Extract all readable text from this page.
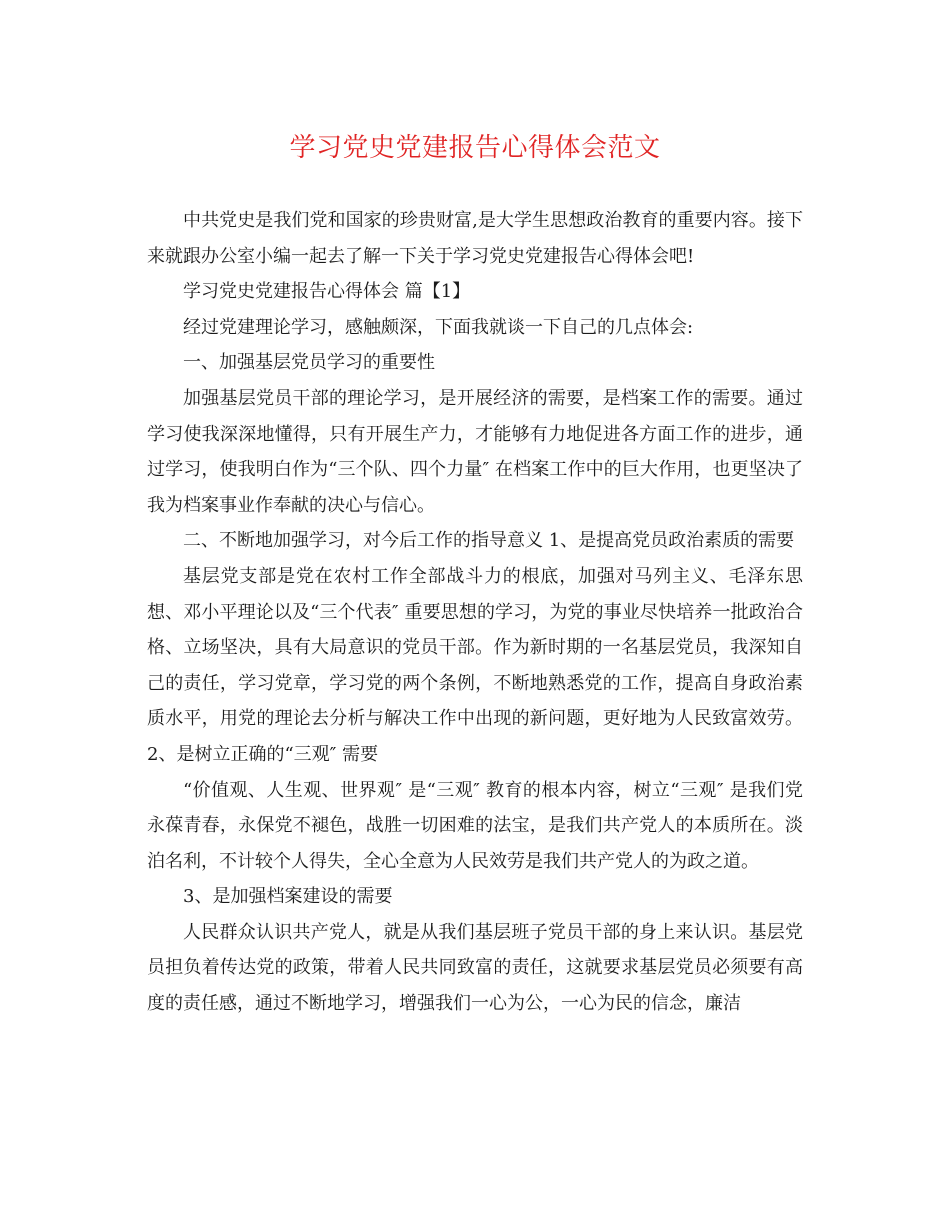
学习党史党建报告心得体会范文

中共党史是我们党和国家的珍贵财富,是大学生思想政治教育的重要内容。接下来就跟办公室小编一起去了解一下关于学习党史党建报告心得体会吧!

学习党史党建报告心得体会 篇【1】

经过党建理论学习，感触颇深，下面我就谈一下自己的几点体会:

一、加强基层党员学习的重要性

加强基层党员干部的理论学习，是开展经济的需要，是档案工作的需要。通过学习使我深深地懂得，只有开展生产力，才能够有力地促进各方面工作的进步，通过学习，使我明白作为“三个队、四个力量″ 在档案工作中的巨大作用，也更坚决了我为档案事业作奉献的决心与信心。

二、不断地加强学习，对今后工作的指导意义 1、是提高党员政治素质的需要

基层党支部是党在农村工作全部战斗力的根底，加强对马列主义、毛泽东思想、邓小平理论以及“三个代表″ 重要思想的学习，为党的事业尽快培养一批政治合格、立场坚决，具有大局意识的党员干部。作为新时期的一名基层党员，我深知自己的责任，学习党章，学习党的两个条例，不断地熟悉党的工作，提高自身政治素质水平，用党的理论去分析与解决工作中出现的新问题，更好地为人民致富效劳。 2、是树立正确的“三观″ 需要

“价值观、人生观、世界观″ 是“三观″ 教育的根本内容，树立“三观″ 是我们党永葆青春，永保党不褪色，战胜一切困难的法宝，是我们共产党人的本质所在。淡泊名利，不计较个人得失，全心全意为人民效劳是我们共产党人的为政之道。

3、是加强档案建设的需要

人民群众认识共产党人，就是从我们基层班子党员干部的身上来认识。基层党员担负着传达党的政策，带着人民共同致富的责任，这就要求基层党员必须要有高度的责任感，通过不断地学习，增强我们一心为公，一心为民的信念，廉洁
